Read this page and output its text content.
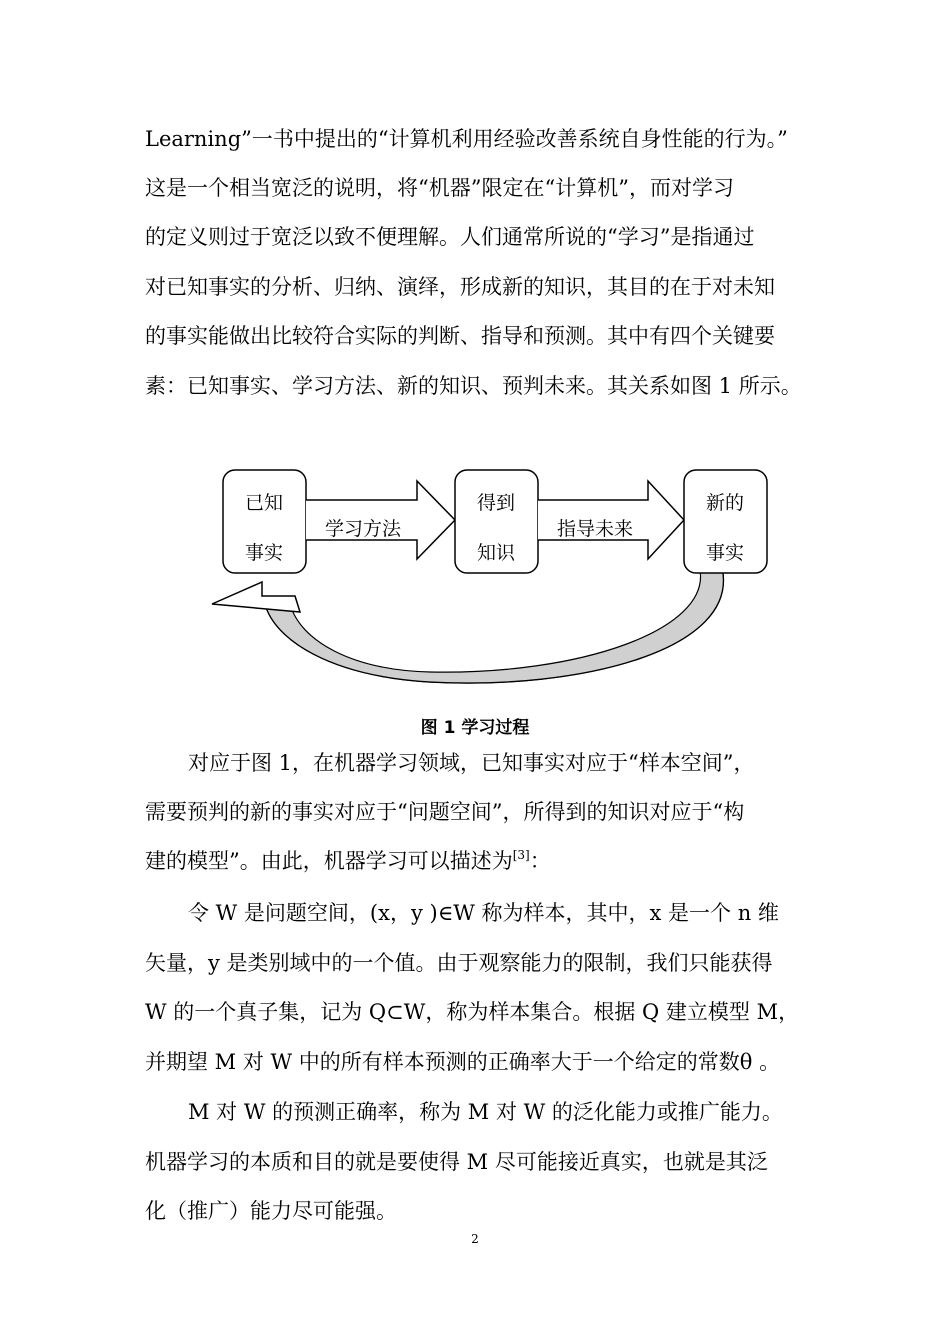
Learning”一书中提出的“计算机利用经验改善系统自身性能的行为。”
这是一个相当宽泛的说明，将“机器”限定在“计算机”，而对学习
的定义则过于宽泛以致不便理解。人们通常所说的“学习”是指通过
对已知事实的分析、归纳、演绎，形成新的知识，其目的在于对未知
的事实能做出比较符合实际的判断、指导和预测。其中有四个关键要
素：已知事实、学习方法、新的知识、预判未来。其关系如图 1 所示。
已知
事实
学习方法
得到
知识
指导未来
新的
事实
图 1 学习过程
对应于图 1，在机器学习领域，已知事实对应于“样本空间”，
需要预判的新的事实对应于“问题空间”，所得到的知识对应于“构
建的模型”。由此，机器学习可以描述为[3]：
令 W 是问题空间，(x，y )∈W 称为样本，其中，x 是一个 n 维
矢量，y 是类别域中的一个值。由于观察能力的限制，我们只能获得
W 的一个真子集，记为 Q⊂W，称为样本集合。根据 Q 建立模型 M，
并期望 M 对 W 中的所有样本预测的正确率大于一个给定的常数θ 。
M 对 W 的预测正确率，称为 M 对 W 的泛化能力或推广能力。
机器学习的本质和目的就是要使得 M 尽可能接近真实，也就是其泛
化（推广）能力尽可能强。
2
